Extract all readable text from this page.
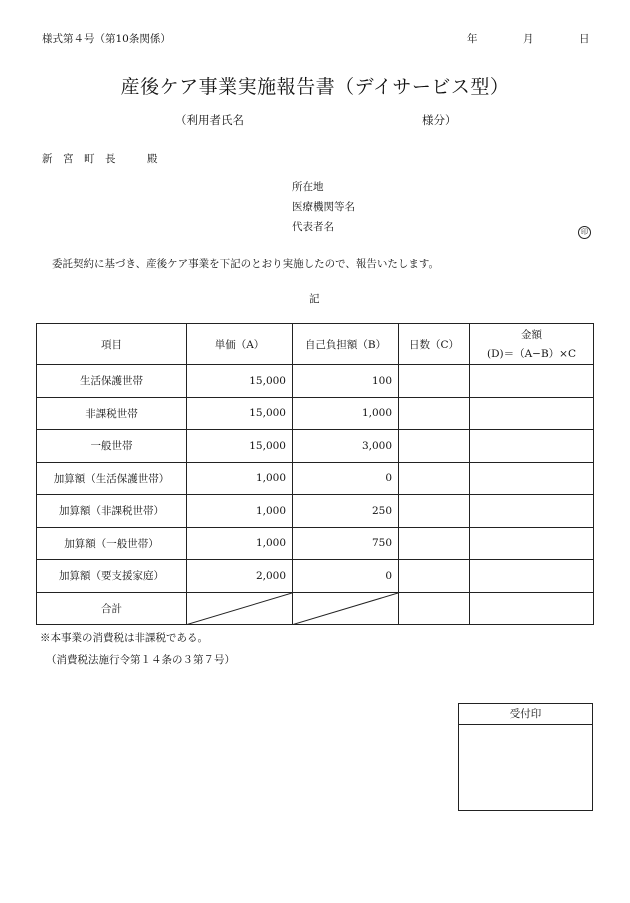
様式第４号（第10条関係）	年	月	日
産後ケア事業実施報告書（デイサービス型）
（利用者氏名	様分）
新　宮　町　長　　　殿
所在地
医療機関等名
代表者名	印
委託契約に基づき、産後ケア事業を下記のとおり実施したので、報告いたします。
記
項目	単価（A）	自己負担額（B）	日数（C）	金額
(D)＝（A−B）×C

生活保護世帯	15,000	100		
非課税世帯	15,000	1,000		
一般世帯	15,000	3,000		
加算額（生活保護世帯）	1,000	0		
加算額（非課税世帯）	1,000	250		
加算額（一般世帯）	1,000	750		
加算額（要支援家庭）	2,000	0		
合計	

※本事業の消費税は非課税である。
（消費税法施行令第１４条の３第７号）
受付印
